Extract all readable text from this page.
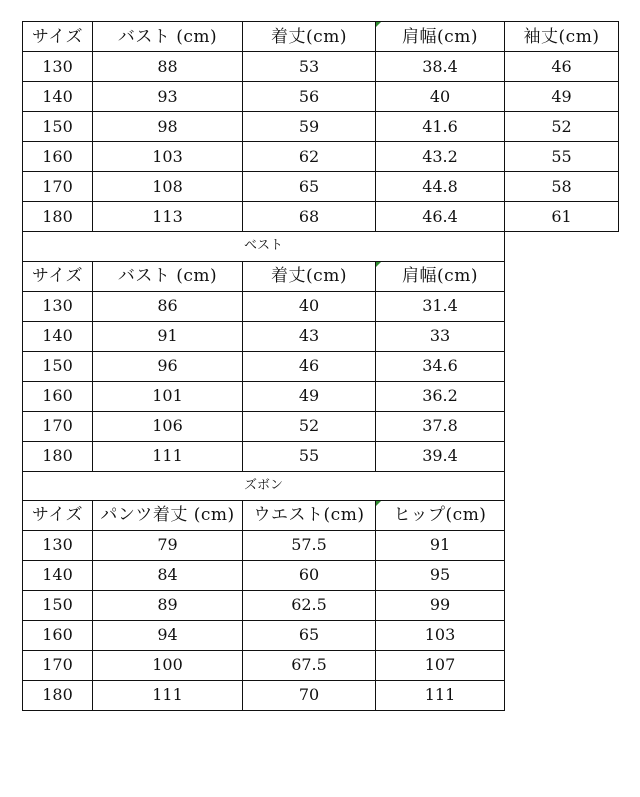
サイズ	バスト (cm)	着丈(cm)	肩幅(cm)	袖丈(cm)
130	88	53	38.4	46
140	93	56	40	49
150	98	59	41.6	52
160	103	62	43.2	55
170	108	65	44.8	58
180	113	68	46.4	61
ベスト				
サイズ	バスト (cm)	着丈(cm)	肩幅(cm)	
130	86	40	31.4	
140	91	43	33	
150	96	46	34.6	
160	101	49	36.2	
170	106	52	37.8	
180	111	55	39.4	
ズボン				
サイズ	パンツ着丈 (cm)	ウエスト(cm)	ヒップ(cm)	
130	79	57.5	91	
140	84	60	95	
150	89	62.5	99	
160	94	65	103	
170	100	67.5	107	
180	111	70	111	
